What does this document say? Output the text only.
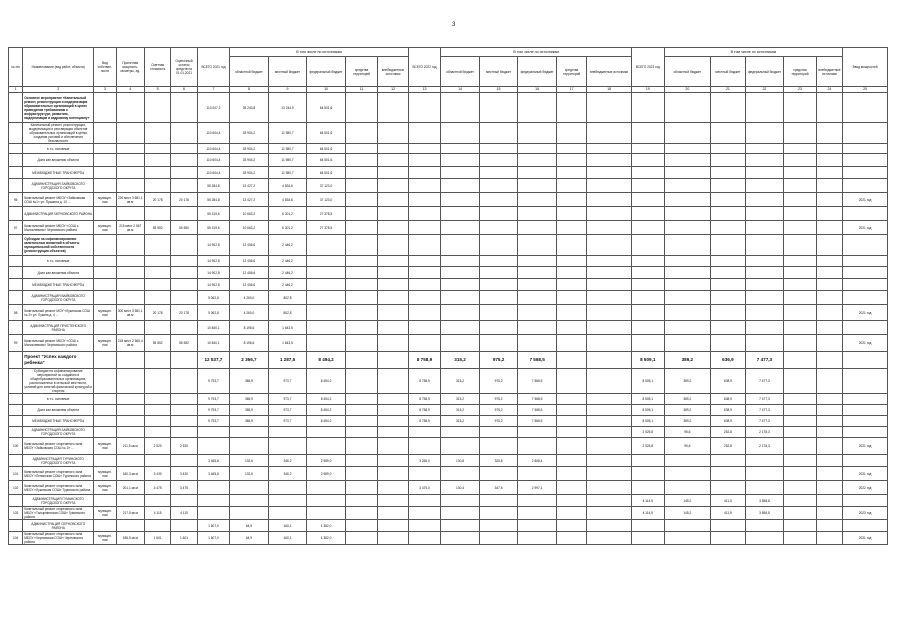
3
№ п/п	Наименование (вид работ, объекта)	Вид собствен-ности	Проектная мощность, кв.метры, ед.	Сметная стоимость	Оценочный остаток средств на 01.01.2021	ВСЕГО 2021 год	В том числе по источникам					ВСЕГО 2022 год	В том числе по источникам					ВСЕГО 2023 год	В том числе по источникам					Ввод мощностей
							областной бюджет	местный бюджет	федеральный бюджет	средства территорий	внебюджетные источники		областной бюджет	местный бюджет	федеральный бюджет	средства территорий	внебюджетные источники		областной бюджет	местный бюджет	федеральный бюджет	средства территорий	внебюджетные источники	
1	2	3	4	5	6	7	8	9	10	11	12	13	14	15	16	17	18	19	20	21	22	23	24	25
	Основное мероприятие «Капитальный ремонт, реконструкция и модернизация образовательных организаций в целях приведения требованиям к инфраструктуре, развитию, модернизации и кадровому потенциалу»					113 007,2	35 240,8	13 244,9	64 501,6															
	Капитальный ремонт, реконструкция, модернизация и реставрация объектов образовательных организаций в целях создания условий и обеспечения безопасности					110 604,4	33 904,2	11 980,7	64 501,6															
	в т.ч. основные					110 604,4	33 904,2	11 980,7	64 501,6															
	Доля кап.вложения объекта					110 604,4	33 904,2	11 980,7	64 501,6															
	МЕЖБЮДЖЕТНЫЕ ТРАНСФЕРТЫ					110 604,4	33 904,2	11 980,7	64 501,6															
	АДМИНИСТРАЦИЯ ЗАЙКОВСКОГО ГОРОДСКОГО ОКРУГА					55 284,8	13 427,2	4 834,6	37 123,0															
95	Капитальный ремонт МБОУ «Зайковская СОШ №1» ул. Пушкина д. 10 ...	муницип. ная	220 мест 3 681,1 кв.м	20 178	20 178	55 284,8	13 427,2	4 834,6	37 123,0															2021 год
	АДМИНИСТРАЦИЯ ЧЕРНОВСКОГО РАЙОНА					55 319,6	10 663,2	6 301,2	27 378,5															
97	Капитальный ремонт МБОУ «СОШ с. Малоклевань» Черновского района	муницип. ная	215 мест 2 567 кв.м	55 550	55 550	55 319,6	10 663,2	6 301,2	27 378,5															2021 год
	Субсидии на софинансирование капитальных вложений в объекты муниципальной собственности (реконструкция объектов)					14 902,8	12 456,6	2 446,2																
	в т.ч. основные					14 902,8	12 456,6	2 446,2																
	Доля кап.вложения объекта					14 902,8	12 456,6	2 446,2																
	МЕЖБЮДЖЕТНЫЕ ТРАНСФЕРТЫ					14 902,8	12 456,6	2 446,2																
	АДМИНИСТРАЦИЯ ВАЙКОВСКОГО ГОРОДСКОГО ОКРУГА					5 062,8	4 260,0	802,8																
98	Капитальный ремонт МОУ «Лукинская СОШ № 2» ул. Лукина д. 4 ...	муницип. ная	300 мест 3 581,1 кв.м	20 178	20 178	5 062,8	4 260,0	802,8																2021 год
	АДМИНИСТРАЦИЯ ПРИСТЕНСКОГО РАЙОНА					10 840,1	8 196,6	1 643,5																
99	Капитальный ремонт МБОУ «СОШ с. Малоклевань» Черновского района	муницип. ная	218 мест 2 565,4 кв.м	55 552	55 552	10 840,1	8 196,6	1 643,5																2021 год
	Проект "Успех каждого ребенка"					12 537,7	2 366,7	1 287,5	8 494,2			8 758,9	315,2	975,2	7 568,5			8 509,1	389,2	636,9	7 477,3			
	Субсидии на софинансирование мероприятий по созданию в общеобразовательных организациях, расположенных в сельской местности, условий для занятий физической культурой и спортом					9 793,7	365,9	973,7	8 454,2			8 758,9	315,2	975,2	7 568,5			8 505,1	389,2	638,9	7 477,3			
	в т.ч. основные					9 793,7	365,9	973,7	8 454,2			8 758,9	315,2	975,2	7 568,5			8 505,1	389,2	638,9	7 477,3			
	Доля кап.вложения объекта					9 793,7	365,9	973,7	8 454,2			8 758,9	315,2	975,2	7 568,5			8 505,1	389,2	638,9	7 477,3			
	МЕЖБЮДЖЕТНЫЕ ТРАНСФЕРТЫ					9 793,7	365,9	973,7	8 454,2			8 758,9	315,2	975,2	7 568,5			8 505,1	389,2	638,9	7 477,3			
	АДМИНИСТРАЦИЯ ЗАЙКОВСКОГО ГОРОДСКОГО ОКРУГА																	2 525,8	95,6	252,8	2 178,3			
100	Капитальный ремонт спортивного зала МБОУ «Зайковская СОШ № 2» ...	муницип. ная	211,5 кв.м	2 520	2 520													2 525,8	95,6	252,8	2 178,3			2021 год
	АДМИНИСТРАЦИЯ ТУРИНСКОГО ГОРОДСКОГО ОКРУГА					3 465,8	132,6	346,2	2 989,0			3 265,0	130,8	325,8	2 808,4									
101	Капитальный ремонт спортивного зала МБОУ «Ленинская СОШ» Туринского района	муницип. ная	180,3 кв.м	3 430	3 430	3 465,8	132,6	346,2	2 989,0															2021 год
102	Капитальный ремонт спортивного зала МБОУ «Лукинская СОШ» Туринского района	муницип. ная	201,1 кв.м	3 475	3 475							3 475,0	130,4	347,5	2 997,1									2022 год
	АДМИНИСТРАЦИЯ ГУМАНСКОГО ГОРОДСКОГО ОКРУГА																	4 114,5	145,2	411,5	3 558,8			
103	Капитальный ремонт спортивного зала МБОУ «Тыгырминская СОШ» Гуманского района	муницип. ная	217,5 кв.м	4 115	4 115													4 114,5	145,2	411,5	3 558,8			2023 год
	АДМИНИСТРАЦИЯ СЕРНОВСКОГО РАЙОНА					1 607,0	64,9	160,1	1 382,0															
104	Капитальный ремонт спортивного зала МБОУ «Черновская СОШ» Черновского района	муницип. ная	186,5 кв.м	1 601	1 601	1 607,0	64,9	160,1	1 382,0															2021 год
